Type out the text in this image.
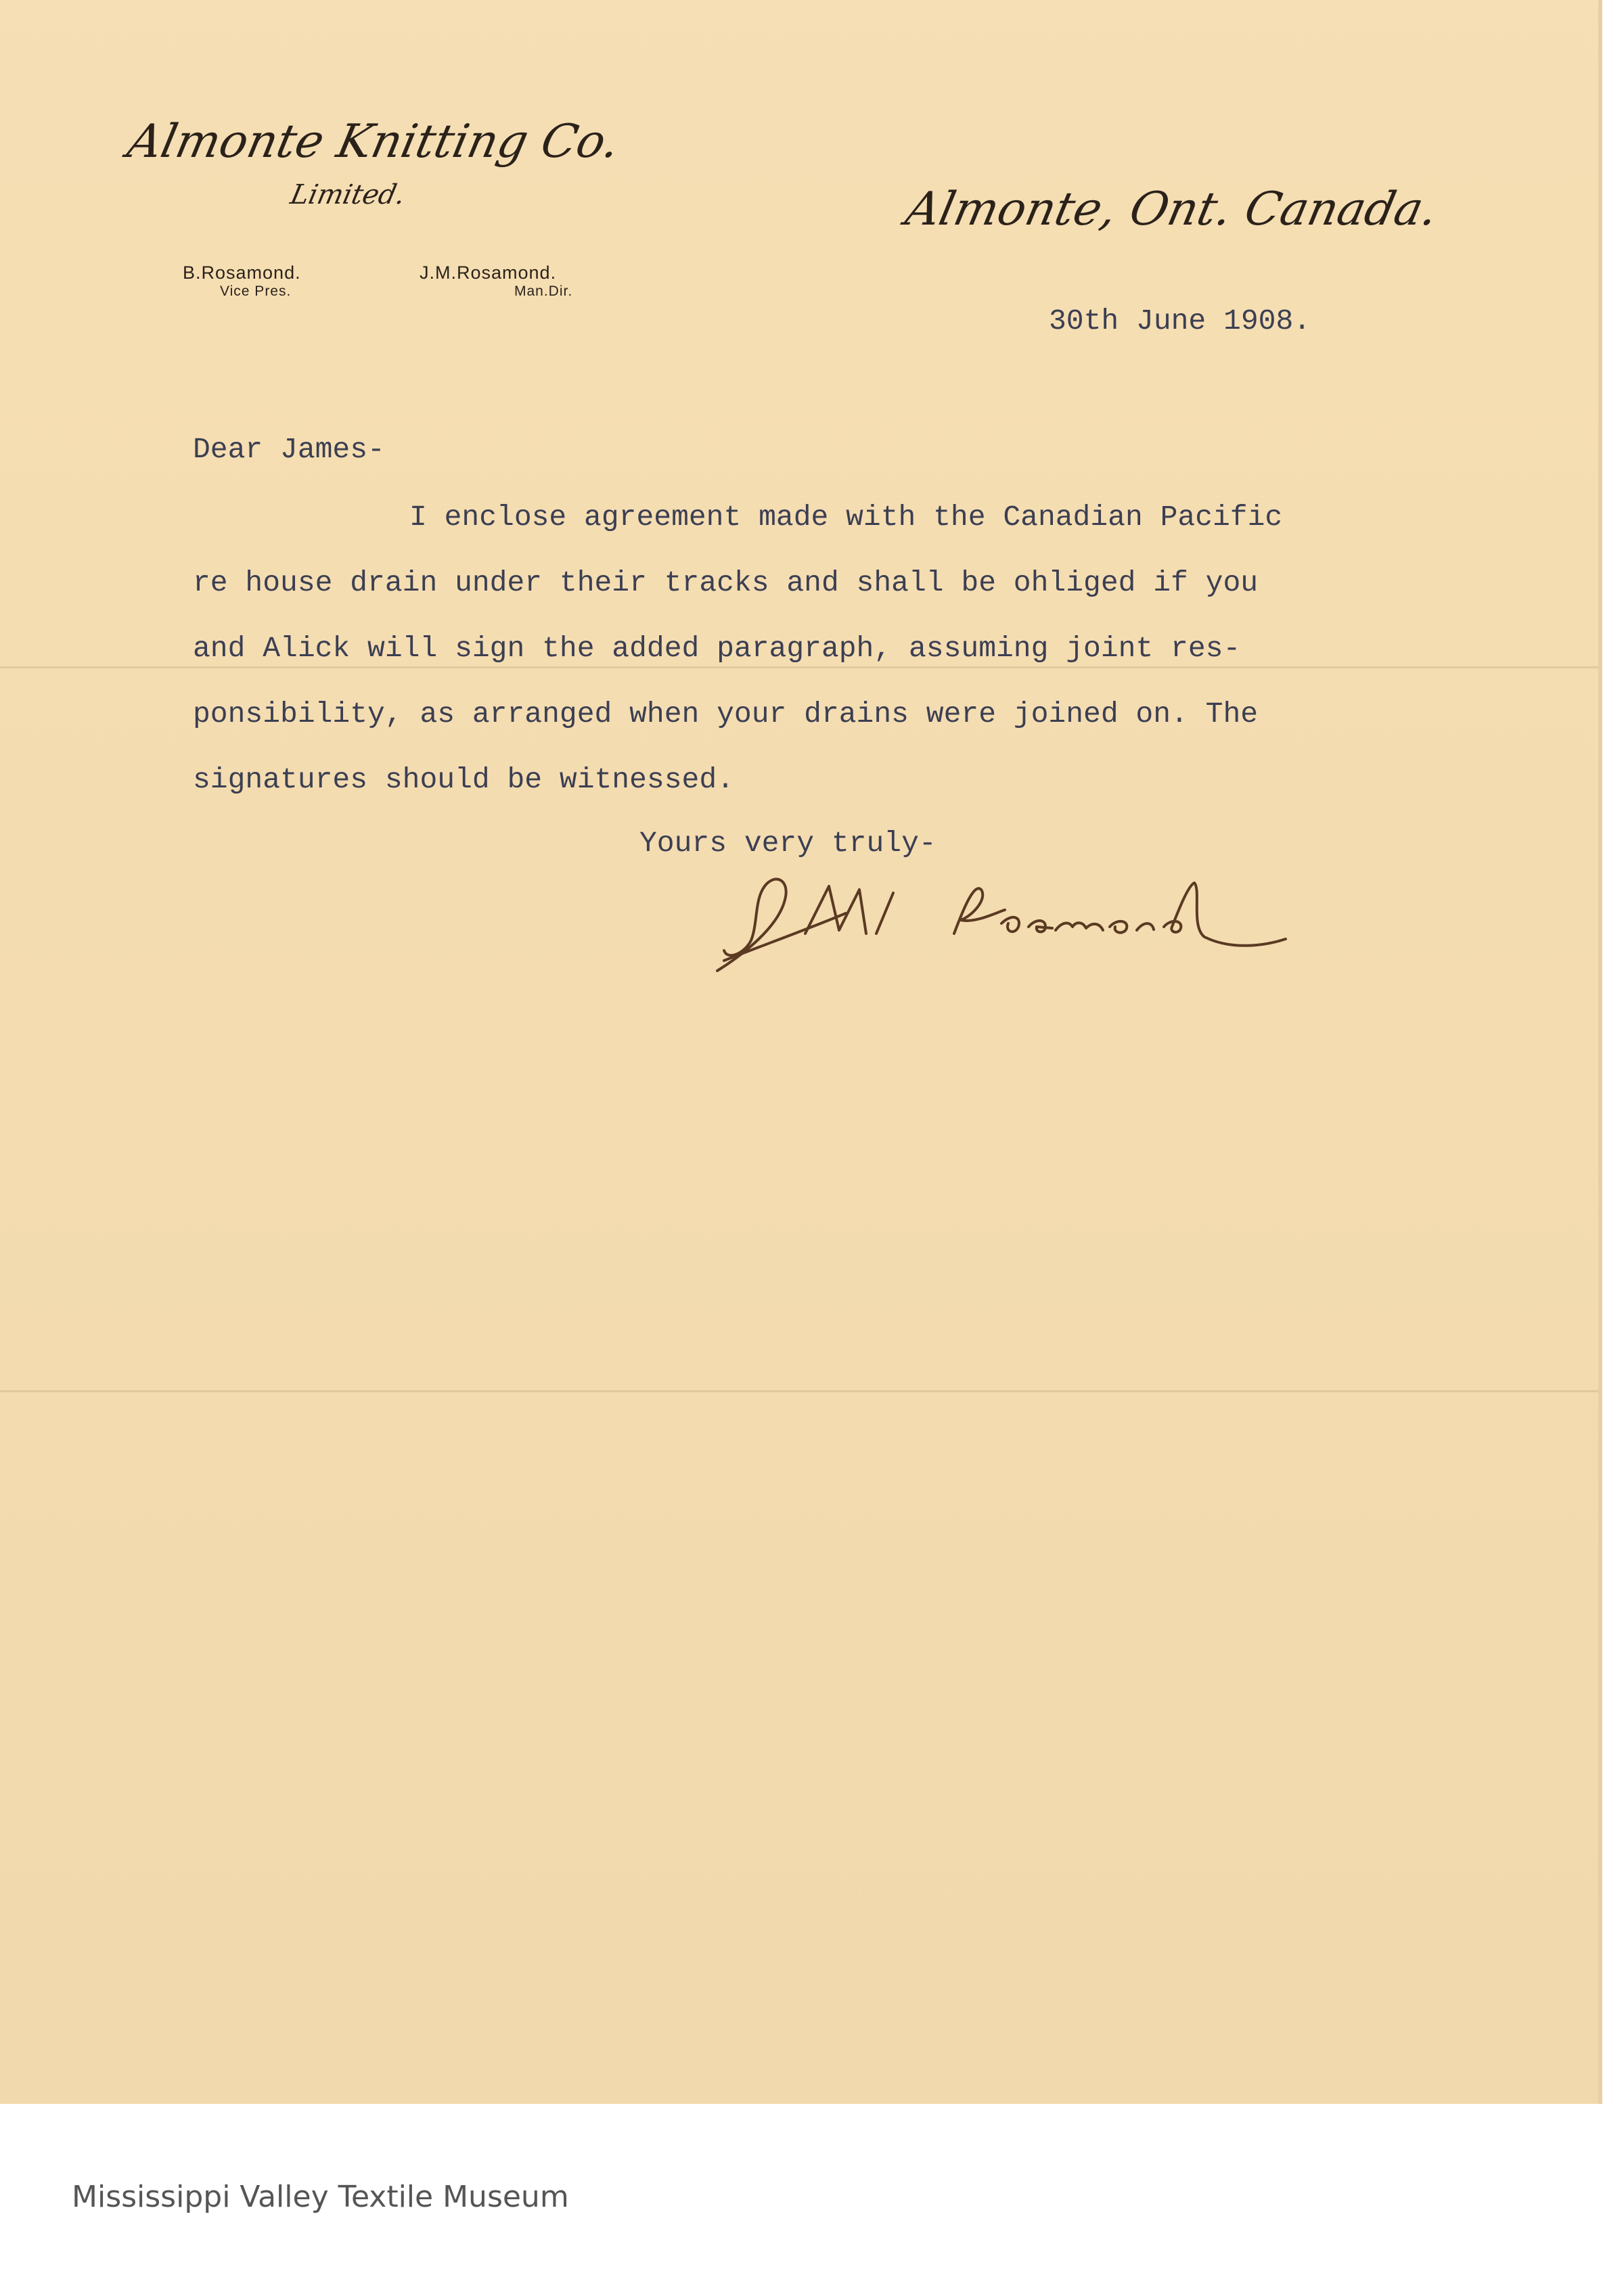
Almonte Knitting Co.
Limited.	Almonte, Ont. Canada.
B.Rosamond.
Vice Pres.
J.M.Rosamond.
Man.Dir.
30th June 1908.
Dear James-
I enclose agreement made with the Canadian Pacific
re house drain under their tracks and shall be ohliged if you
and Alick will sign the added paragraph, assuming joint res-
ponsibility, as arranged when your drains were joined on. The
signatures should be witnessed.
Yours very truly-
Mississippi Valley Textile Museum
